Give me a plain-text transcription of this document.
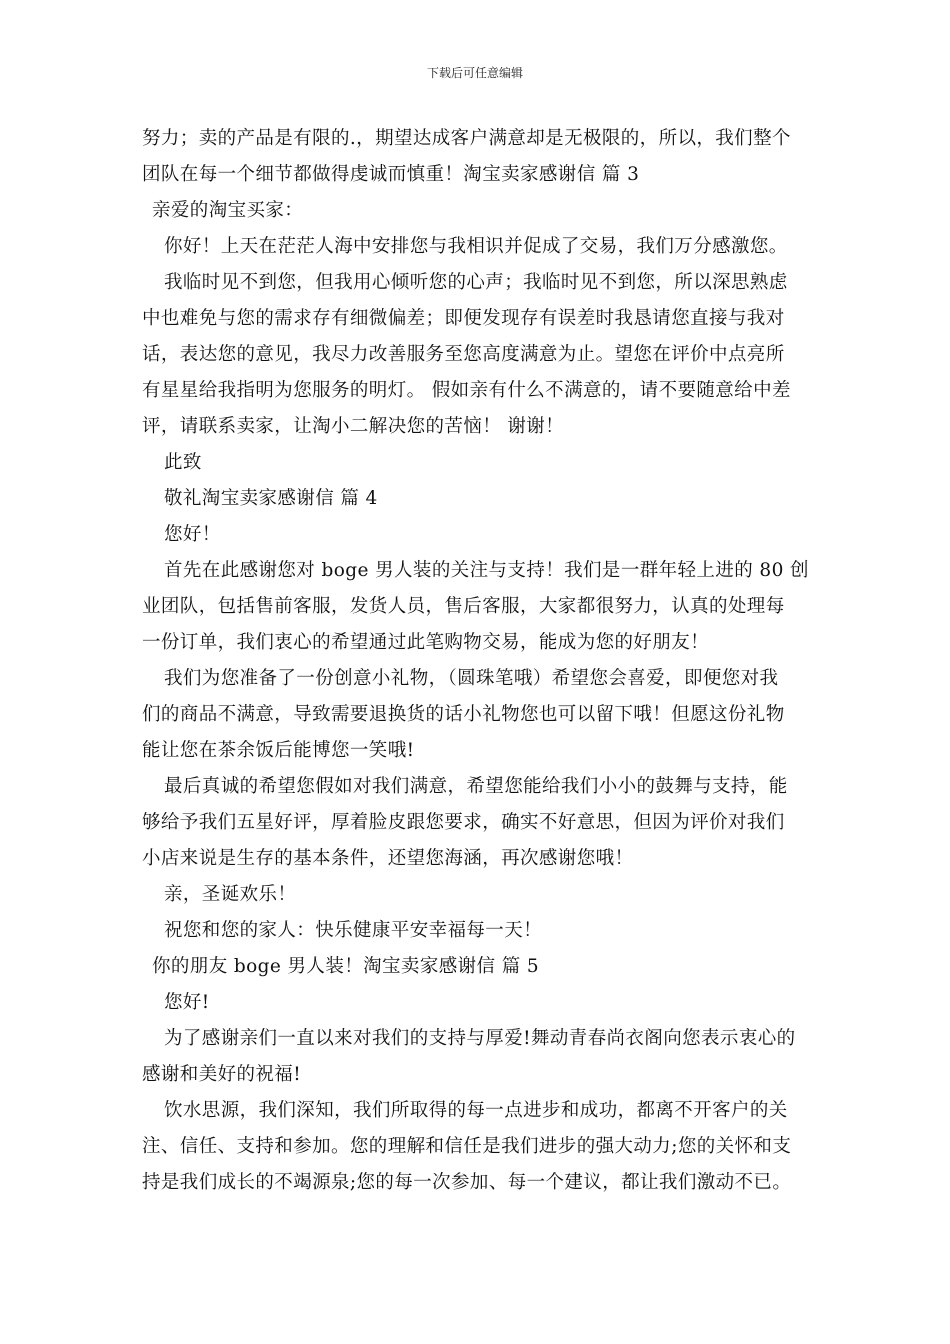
下载后可任意编辑
努力；卖的产品是有限的.，期望达成客户满意却是无极限的，所以，我们整个
团队在每一个细节都做得虔诚而慎重！淘宝卖家感谢信 篇 3
亲爱的淘宝买家：
你好！上天在茫茫人海中安排您与我相识并促成了交易，我们万分感激您。
我临时见不到您，但我用心倾听您的心声；我临时见不到您，所以深思熟虑
中也难免与您的需求存有细微偏差；即便发现存有误差时我恳请您直接与我对
话，表达您的意见，我尽力改善服务至您高度满意为止。望您在评价中点亮所
有星星给我指明为您服务的明灯。 假如亲有什么不满意的，请不要随意给中差
评，请联系卖家，让淘小二解决您的苦恼！ 谢谢！
此致
敬礼淘宝卖家感谢信 篇 4
您好！
首先在此感谢您对 boge 男人装的关注与支持！我们是一群年轻上进的 80 创
业团队，包括售前客服，发货人员，售后客服，大家都很努力，认真的处理每
一份订单，我们衷心的希望通过此笔购物交易，能成为您的好朋友！
我们为您准备了一份创意小礼物，（圆珠笔哦）希望您会喜爱，即便您对我
们的商品不满意，导致需要退换货的话小礼物您也可以留下哦！但愿这份礼物
能让您在茶余饭后能博您一笑哦!
最后真诚的希望您假如对我们满意，希望您能给我们小小的鼓舞与支持，能
够给予我们五星好评，厚着脸皮跟您要求，确实不好意思，但因为评价对我们
小店来说是生存的基本条件，还望您海涵，再次感谢您哦！
亲，圣诞欢乐！
祝您和您的家人：快乐健康平安幸福每一天！
你的朋友 boge 男人装！淘宝卖家感谢信 篇 5
您好!
为了感谢亲们一直以来对我们的支持与厚爱!舞动青春尚衣阁向您表示衷心的
感谢和美好的祝福!
饮水思源，我们深知，我们所取得的每一点进步和成功，都离不开客户的关
注、信任、支持和参加。您的理解和信任是我们进步的强大动力;您的关怀和支
持是我们成长的不竭源泉;您的每一次参加、每一个建议，都让我们激动不已。
